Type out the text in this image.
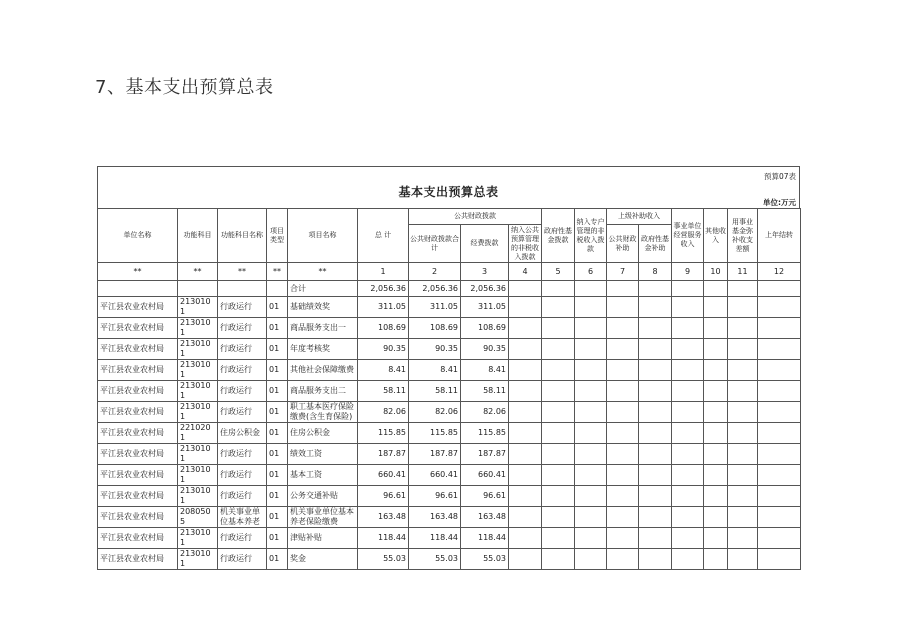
7、基本支出预算总表
预算07表
基本支出预算总表
单位:万元
单位名称	功能科目	功能科目名称	项目类型	项目名称	总 计	公共财政拨款			政府性基金拨款	纳入专户管理的非税收入拨款	上级补助收入		事业单位经营服务收入	其他收入	用事业基金弥补收支差额	上年结转
						公共财政拨款合计	经费拨款	纳入公共预算管理的非税收入拨款			公共财政补助	政府性基金补助				
**	**	**	**	**	1	2	3	4	5	6	7	8	9	10	11	12
				合计	2,056.36	2,056.36	2,056.36									
平江县农业农村局	2130101	行政运行	01	基础绩效奖	311.05	311.05	311.05									
平江县农业农村局	2130101	行政运行	01	商品服务支出一	108.69	108.69	108.69									
平江县农业农村局	2130101	行政运行	01	年度考核奖	90.35	90.35	90.35									
平江县农业农村局	2130101	行政运行	01	其他社会保障缴费	8.41	8.41	8.41									
平江县农业农村局	2130101	行政运行	01	商品服务支出二	58.11	58.11	58.11									
平江县农业农村局	2130101	行政运行	01	职工基本医疗保险缴费(含生育保险)	82.06	82.06	82.06									
平江县农业农村局	2210201	住房公积金	01	住房公积金	115.85	115.85	115.85									
平江县农业农村局	2130101	行政运行	01	绩效工资	187.87	187.87	187.87									
平江县农业农村局	2130101	行政运行	01	基本工资	660.41	660.41	660.41									
平江县农业农村局	2130101	行政运行	01	公务交通补贴	96.61	96.61	96.61									
平江县农业农村局	2080505	机关事业单位基本养老	01	机关事业单位基本养老保险缴费	163.48	163.48	163.48									
平江县农业农村局	2130101	行政运行	01	津贴补贴	118.44	118.44	118.44									
平江县农业农村局	2130101	行政运行	01	奖金	55.03	55.03	55.03									
